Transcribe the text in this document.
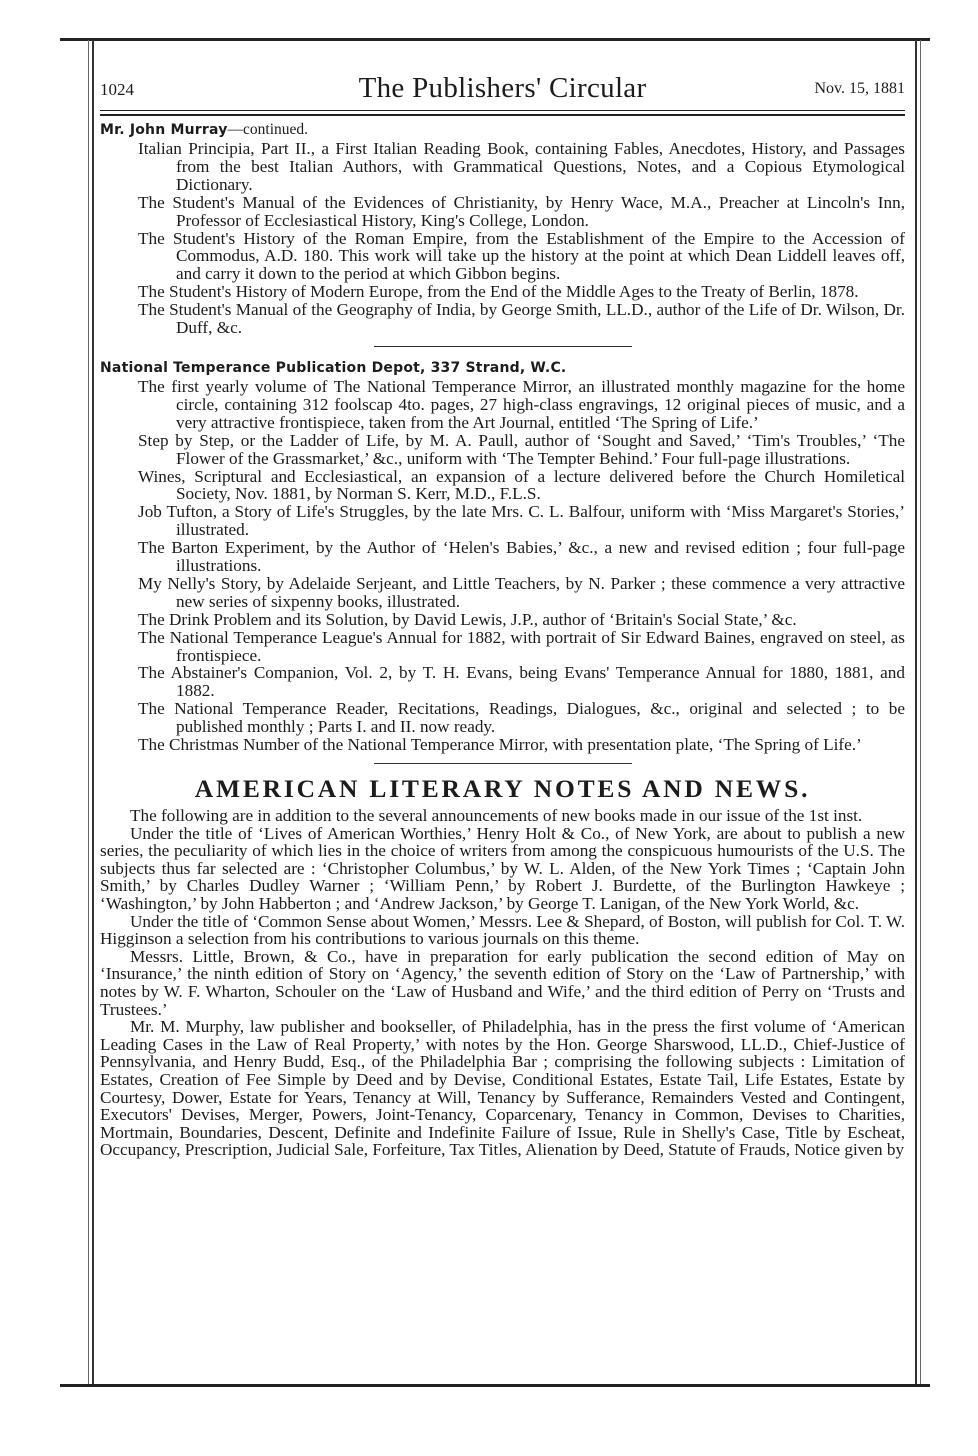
1024	The Publishers' Circular	Nov. 15, 1881

Mr. John Murray—continued.

Italian Principia, Part II., a First Italian Reading Book, containing Fables, Anecdotes, History, and Passages from the best Italian Authors, with Grammatical Questions, Notes, and a Copious Etymological Dictionary.

The Student's Manual of the Evidences of Christianity, by Henry Wace, M.A., Preacher at Lincoln's Inn, Professor of Ecclesiastical History, King's College, London.

The Student's History of the Roman Empire, from the Establishment of the Empire to the Accession of Commodus, A.D. 180. This work will take up the history at the point at which Dean Liddell leaves off, and carry it down to the period at which Gibbon begins.

The Student's History of Modern Europe, from the End of the Middle Ages to the Treaty of Berlin, 1878.

The Student's Manual of the Geography of India, by George Smith, LL.D., author of the Life of Dr. Wilson, Dr. Duff, &c.

National Temperance Publication Depot, 337 Strand, W.C.

The first yearly volume of The National Temperance Mirror, an illustrated monthly magazine for the home circle, containing 312 foolscap 4to. pages, 27 high-class engravings, 12 original pieces of music, and a very attractive frontispiece, taken from the Art Journal, entitled ‘The Spring of Life.’

Step by Step, or the Ladder of Life, by M. A. Paull, author of ‘Sought and Saved,’ ‘Tim's Troubles,’ ‘The Flower of the Grassmarket,’ &c., uniform with ‘The Tempter Behind.’ Four full-page illustrations.

Wines, Scriptural and Ecclesiastical, an expansion of a lecture delivered before the Church Homiletical Society, Nov. 1881, by Norman S. Kerr, M.D., F.L.S.

Job Tufton, a Story of Life's Struggles, by the late Mrs. C. L. Balfour, uniform with ‘Miss Margaret's Stories,’ illustrated.

The Barton Experiment, by the Author of ‘Helen's Babies,’ &c., a new and revised edition ; four full-page illustrations.

My Nelly's Story, by Adelaide Serjeant, and Little Teachers, by N. Parker ; these commence a very attractive new series of sixpenny books, illustrated.

The Drink Problem and its Solution, by David Lewis, J.P., author of ‘Britain's Social State,’ &c.

The National Temperance League's Annual for 1882, with portrait of Sir Edward Baines, engraved on steel, as frontispiece.

The Abstainer's Companion, Vol. 2, by T. H. Evans, being Evans' Temperance Annual for 1880, 1881, and 1882.

The National Temperance Reader, Recitations, Readings, Dialogues, &c., original and selected ; to be published monthly ; Parts I. and II. now ready.

The Christmas Number of the National Temperance Mirror, with presentation plate, ‘The Spring of Life.’

AMERICAN LITERARY NOTES AND NEWS.

The following are in addition to the several announcements of new books made in our issue of the 1st inst.

Under the title of ‘Lives of American Worthies,’ Henry Holt & Co., of New York, are about to publish a new series, the peculiarity of which lies in the choice of writers from among the conspicuous humourists of the U.S. The subjects thus far selected are : ‘Christopher Columbus,’ by W. L. Alden, of the New York Times ; ‘Captain John Smith,’ by Charles Dudley Warner ; ‘William Penn,’ by Robert J. Burdette, of the Burlington Hawkeye ; ‘Washington,’ by John Habberton ; and ‘Andrew Jackson,’ by George T. Lanigan, of the New York World, &c.

Under the title of ‘Common Sense about Women,’ Messrs. Lee & Shepard, of Boston, will publish for Col. T. W. Higginson a selection from his contributions to various journals on this theme.

Messrs. Little, Brown, & Co., have in preparation for early publication the second edition of May on ‘Insurance,’ the ninth edition of Story on ‘Agency,’ the seventh edition of Story on the ‘Law of Partnership,’ with notes by W. F. Wharton, Schouler on the ‘Law of Husband and Wife,’ and the third edition of Perry on ‘Trusts and Trustees.’

Mr. M. Murphy, law publisher and bookseller, of Philadelphia, has in the press the first volume of ‘American Leading Cases in the Law of Real Property,’ with notes by the Hon. George Sharswood, LL.D., Chief-Justice of Pennsylvania, and Henry Budd, Esq., of the Philadelphia Bar ; comprising the following subjects : Limitation of Estates, Creation of Fee Simple by Deed and by Devise, Conditional Estates, Estate Tail, Life Estates, Estate by Courtesy, Dower, Estate for Years, Tenancy at Will, Tenancy by Sufferance, Remainders Vested and Contingent, Executors' Devises, Merger, Powers, Joint-Tenancy, Coparcenary, Tenancy in Common, Devises to Charities, Mortmain, Boundaries, Descent, Definite and Indefinite Failure of Issue, Rule in Shelly's Case, Title by Escheat, Occupancy, Prescription, Judicial Sale, Forfeiture, Tax Titles, Alienation by Deed, Statute of Frauds, Notice given by
